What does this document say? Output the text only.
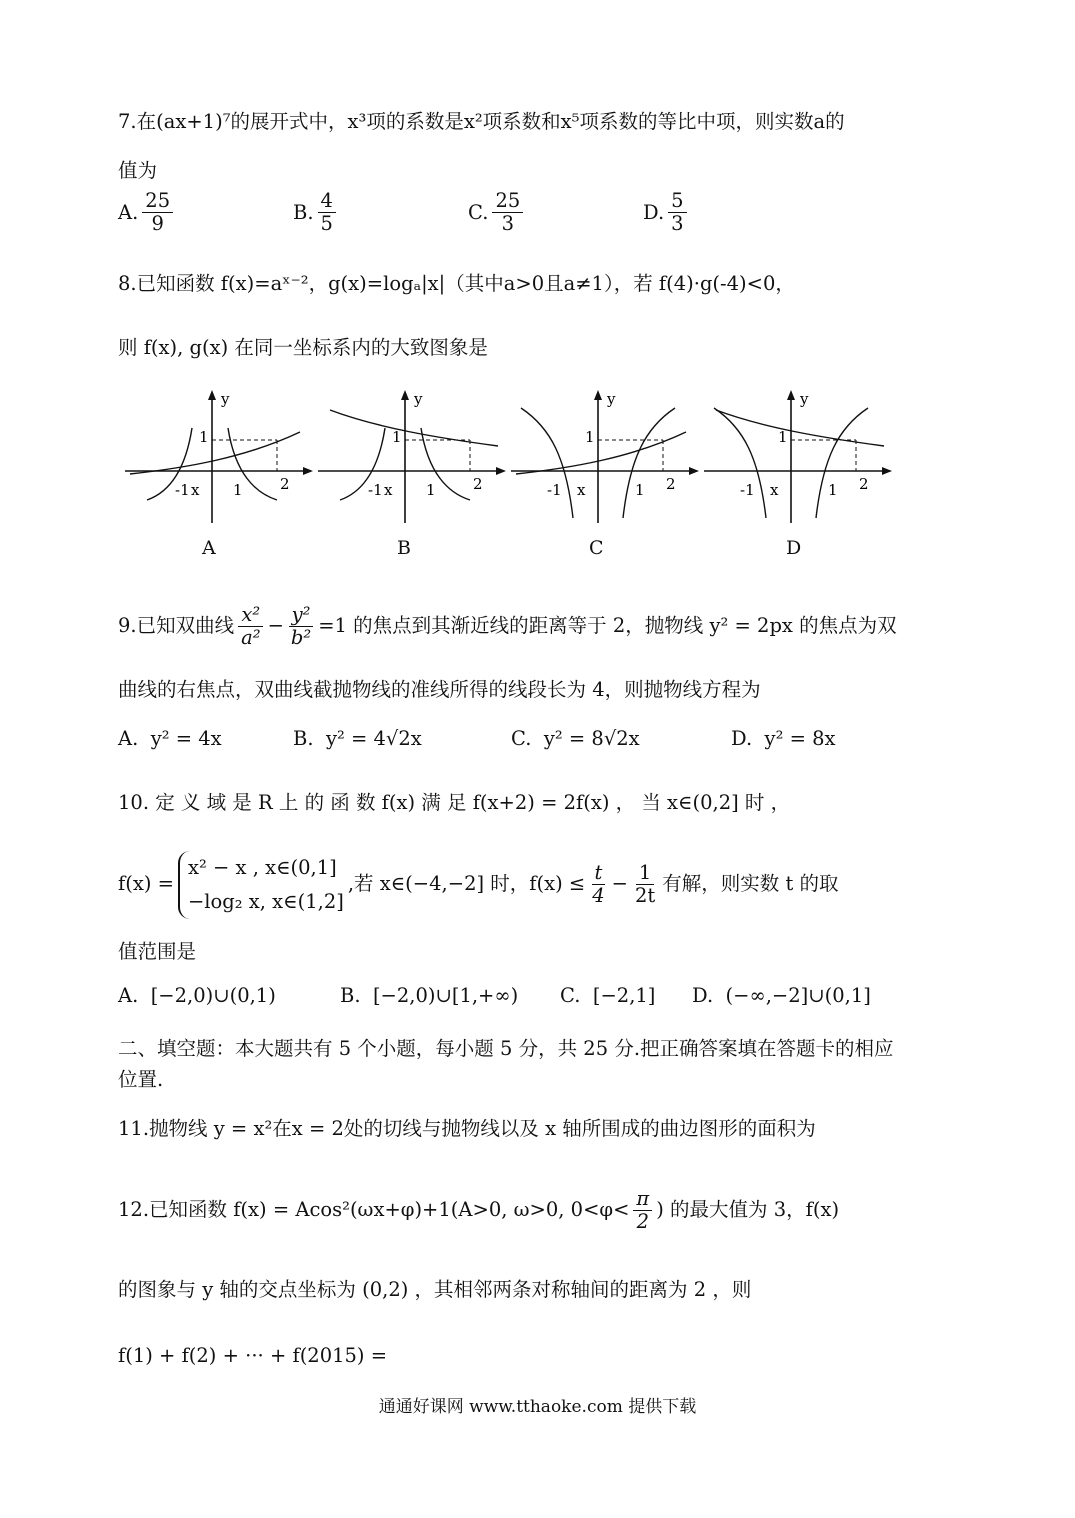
7.在(ax+1)⁷的展开式中，x³项的系数是x²项系数和x⁵项系数的等比中项，则实数a的
值为
A. $\frac{25}{9}$	B. $\frac{4}{5}$	C. $\frac{25}{3}$	D. $\frac{5}{3}$
8.已知函数 f(x)=aˣ⁻²，g(x)=logₐ|x|（其中a>0且a≠1），若 f(4)·g(-4)<0，
则 f(x), g(x) 在同一坐标系内的大致图象是
y
1
-1 x 1 2
y
1
-1 x 1 2
y
1
-1 x	1 2
y
1
-1 x	1 2
A	B	C	D
9.已知双曲线 $\frac{\text{x²}}{\text{a²}} - \frac{\text{y²}}{\text{b²}} =1$ 的焦点到其渐近线的距离等于 2，抛物线 y² = 2px 的焦点为双
曲线的右焦点，双曲线截抛物线的准线所得的线段长为 4，则抛物线方程为
A.
y² = 4x	B.
y² = 4√2x	C.
y² = 8√2x	D.
y² = 8x
10. 定 义 域 是 R 上 的 函 数 f(x) 满 足 f(x+2) = 2f(x) ， 当 x∈(0,2] 时 ，
f(x) =
x² − x , x∈(0,1]
−log₂ x, x∈(1,2]
,若 x∈(−4,−2] 时，$f(x) \le \frac{t}{4} - \frac{1}{2t}$ 有解，则实数 t 的取
值范围是
A.
[−2,0)∪(0,1)	B.
[−2,0)∪[1,+∞) C.
[−2,1] D.
(−∞,−2]∪(0,1]
二、填空题：本大题共有 5 个小题，每小题 5 分，共 25 分.把正确答案填在答题卡的相应
位置.
11.抛物线 y = x²在x = 2处的切线与抛物线以及 x 轴所围成的曲边图形的面积为
12.已知函数 f(x) = Acos²(ωx+φ)+1(A>0, ω>0, $0<\varphi< \frac{\pi}{2}$ ) 的最大值为 3，f(x)
的图象与 y 轴的交点坐标为 (0,2) ，其相邻两条对称轴间的距离为 2 ，则
f(1) + f(2) + ··· + f(2015) =
通通好课网 www.tthaoke.com 提供下载
